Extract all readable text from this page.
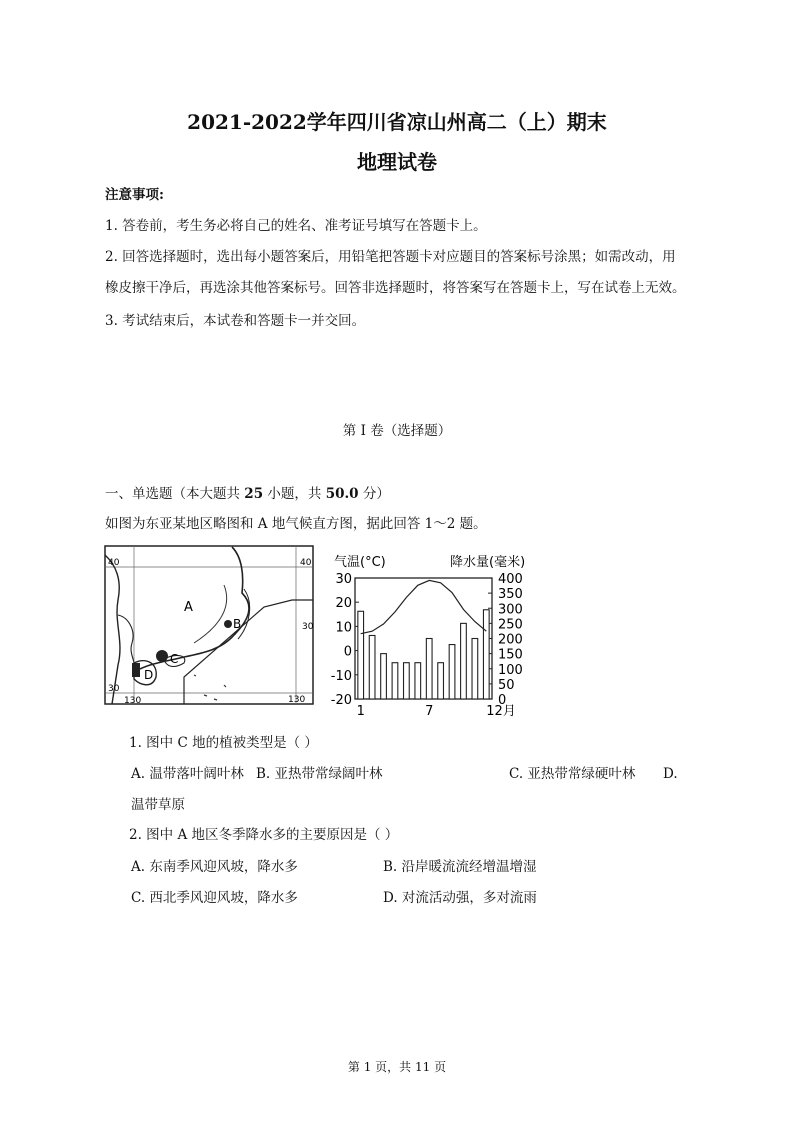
2021-2022学年四川省凉山州高二（上）期末
地理试卷
注意事项:
1. 答卷前，考生务必将自己的姓名、准考证号填写在答题卡上。
2. 回答选择题时，选出每小题答案后，用铅笔把答题卡对应题目的答案标号涂黑；如需改动，用
橡皮擦干净后，再选涂其他答案标号。回答非选择题时，将答案写在答题卡上，写在试卷上无效。
3. 考试结束后，本试卷和答题卡一并交回。
第 I 卷（选择题）
一、单选题（本大题共 25 小题，共 50.0 分）
如图为东亚某地区略图和 A 地气候直方图，据此回答 1～2 题。
40	40
30
30
130	130
A
B
C
D
气温(°C)	降水量(毫米)
30
20
10
0
-10
-20
400
350
300
250
200
150
100
50
0
1	7	12月
1. 图中 C 地的植被类型是（ ）
A. 温带落叶阔叶林 B. 亚热带常绿阔叶林	C. 亚热带常绿硬叶林 D.
温带草原
2. 图中 A 地区冬季降水多的主要原因是（ ）
A. 东南季风迎风坡，降水多	B. 沿岸暖流流经增温增湿
C. 西北季风迎风坡，降水多	D. 对流活动强，多对流雨
第 1 页，共 11 页
